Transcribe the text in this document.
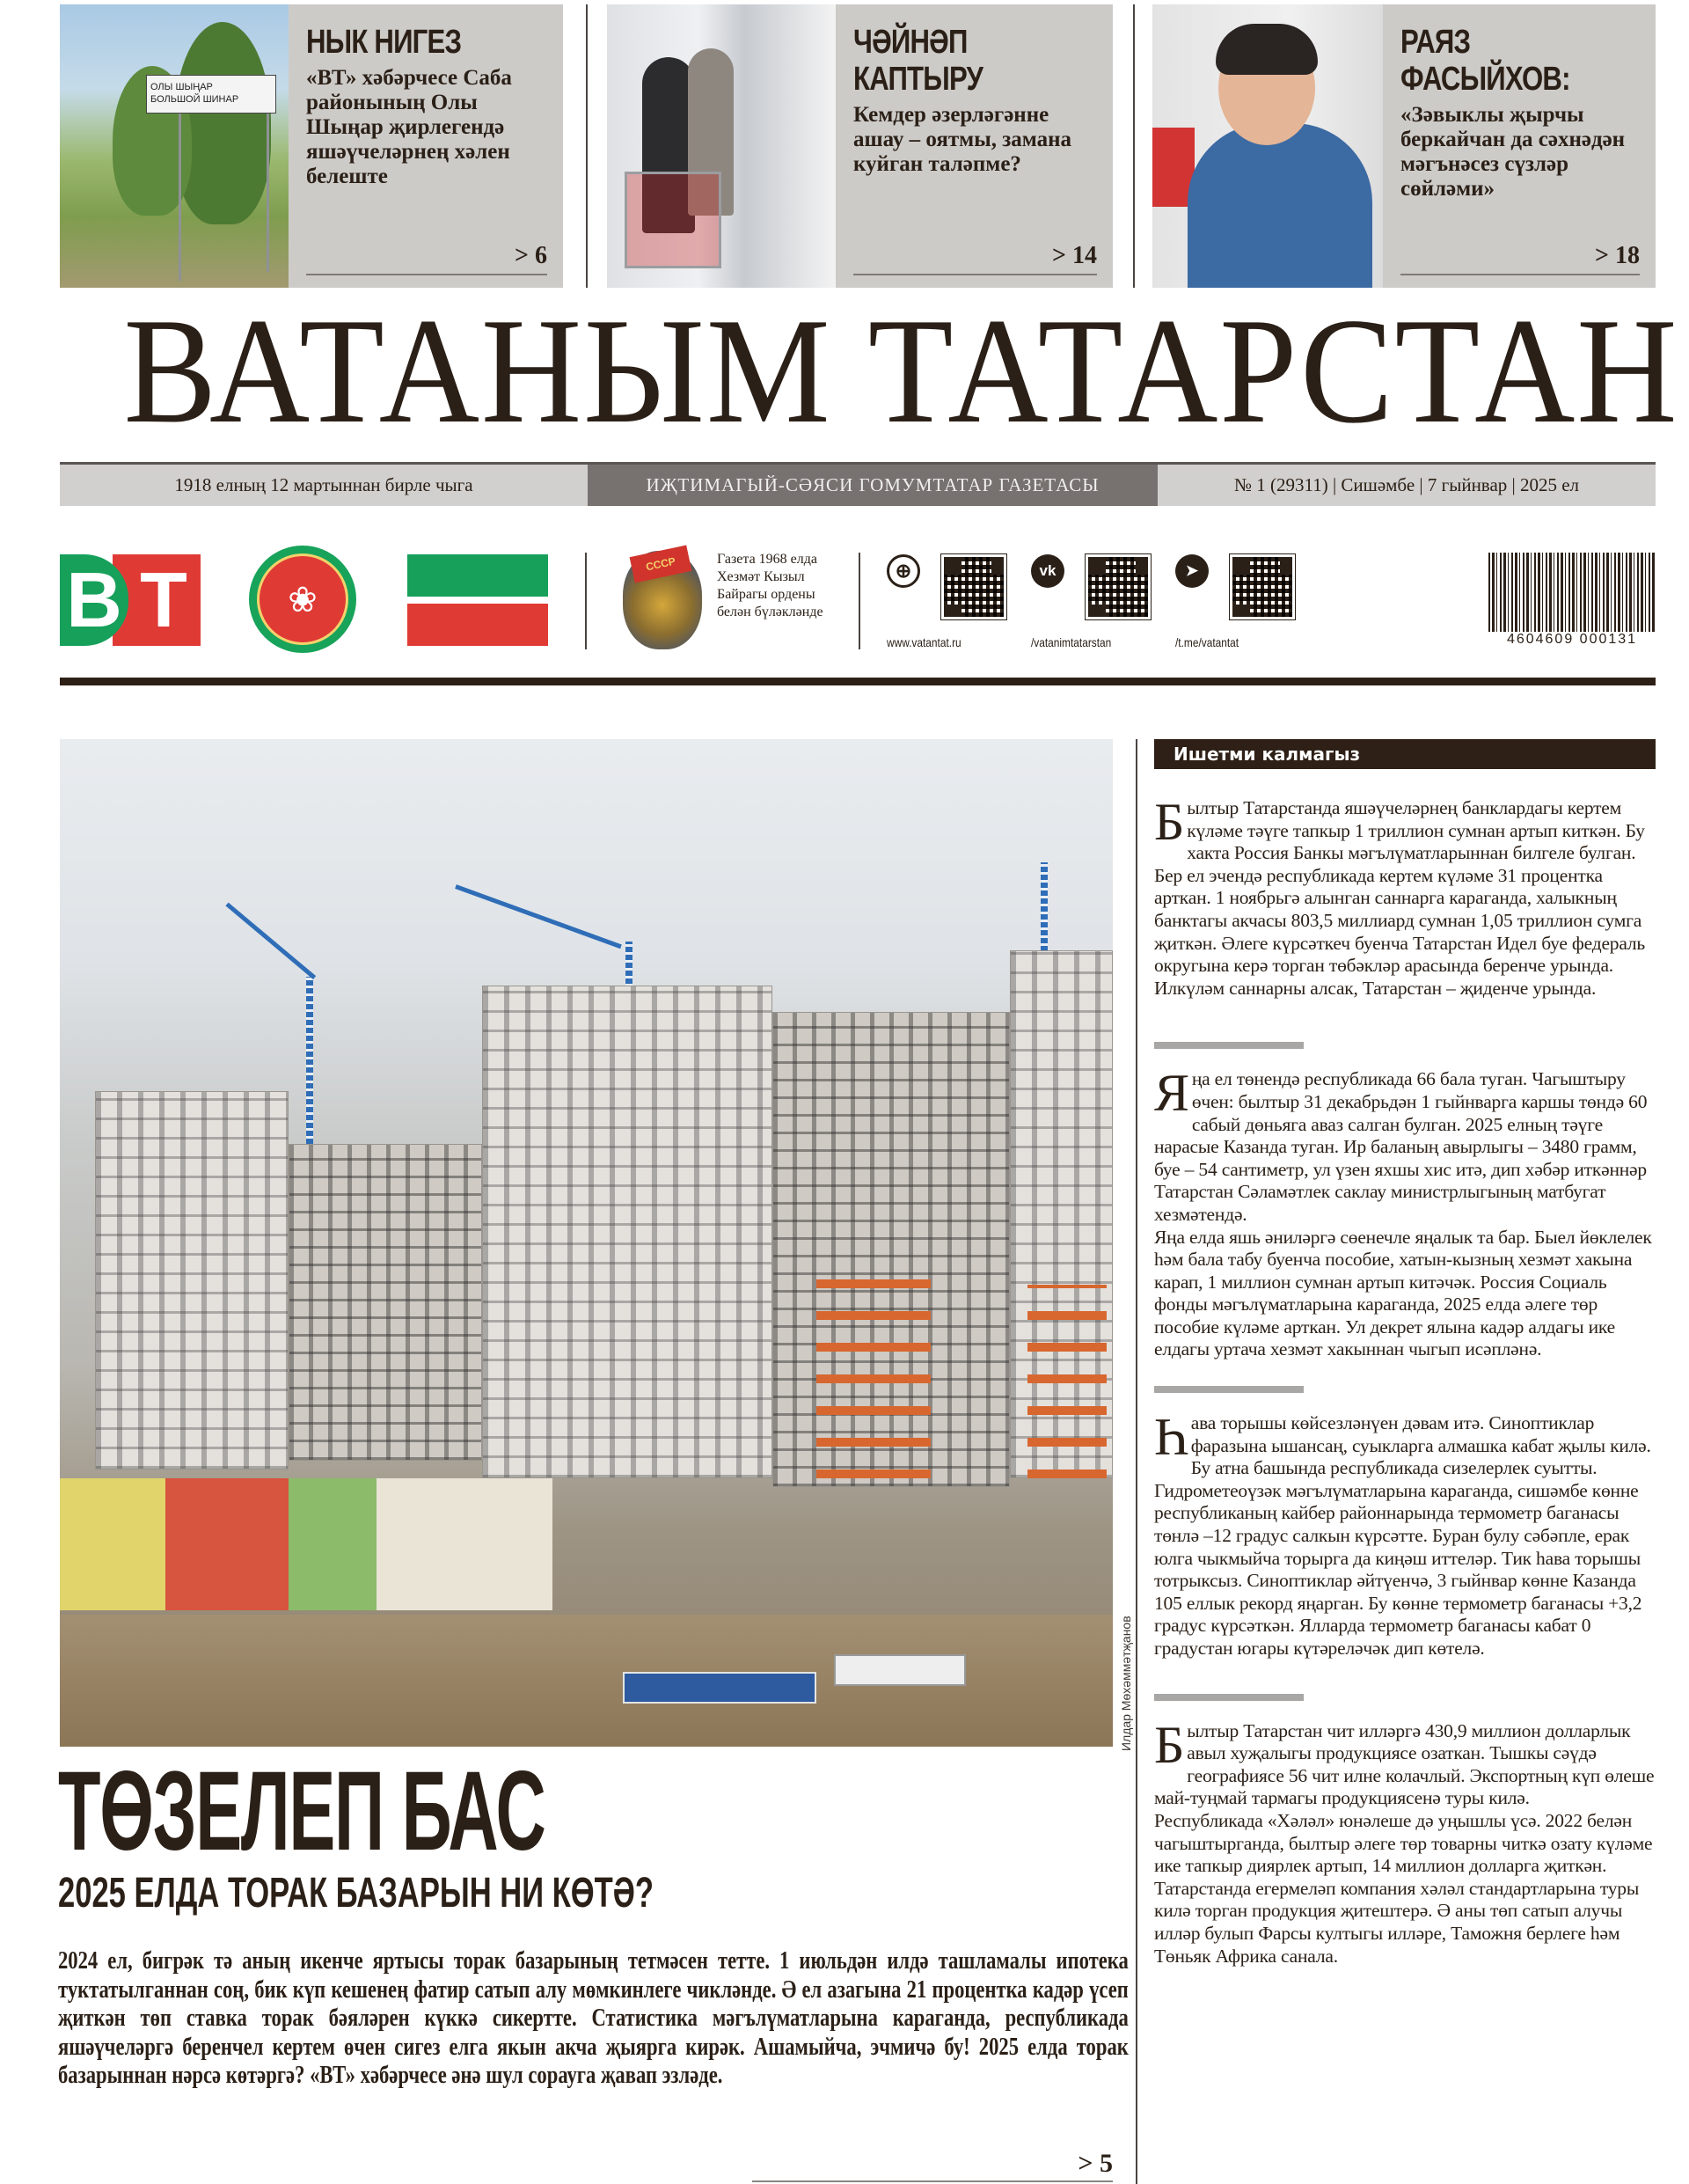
ОЛЫ ШЫҢАР
БОЛЬШОЙ ШИНАР
НЫК НИГЕЗ
«ВТ» хәбәрчесе Саба районының Олы Шыңар җирлегендә яшәүчеләрнең хәлен белеште
> 6
ЧӘЙНӘП
КАПТЫРУ
Кемдер әзерләгәнне ашау – оятмы, замана куйган таләпме?
> 14
РАЯЗ
ФАСЫЙХОВ:
«Зәвыклы җырчы беркайчан да сәхнәдән мәгънәсез сүзләр сөйләми»
> 18
ВАТАНЫМ ТАТАРСТАН
1918 елның 12 мартыннан бирле чыга	ИҖТИМАГЫЙ-СӘЯСИ ГОМУМТАТАР ГАЗЕТАСЫ	№ 1 (29311) | Сишәмбе | 7 гыйнвар | 2025 ел
В Т	❀
СССР	Газета 1968 елда Хезмәт Кызыл Байрагы ордены белән бүләкләнде
⊕
www.vatantat.ru
vk
/vatanimtatarstan
➤
/t.me/vatantat	4604609 000131
Илдар Мөхәммәтҗанов
ТӨЗЕЛЕП БАС
2025 ЕЛДА ТОРАК БАЗАРЫН НИ КӨТӘ?

2024 ел, бигрәк тә аның икенче яртысы торак базарының тетмәсен тетте. 1 июльдән илдә ташламалы ипотека туктатылганнан соң, бик күп кешенең фатир сатып алу мөмкинлеге чикләнде. Ә ел азагына 21 процентка кадәр үсеп җиткән төп ставка торак бәяләрен күккә сикертте. Статистика мәгълүматларына караганда, республикада яшәүчеләргә беренчел кертем өчен сигез елга якын акча җыярга кирәк. Ашамыйча, эчмичә бу! 2025 елда торак базарыннан нәрсә көтәргә? «ВТ» хәбәрчесе әнә шул сорауга җавап эзләде.

> 5
Ишетми калмагыз
Б ылтыр Татарстанда яшәүчеләрнең банклардагы кертем күләме тәүге тапкыр 1 триллион сумнан артып киткән. Бу хакта Россия Банкы мәгълүматларыннан билгеле булган.

Бер ел эчендә республикада кертем күләме 31 процентка арткан. 1 ноябрьгә алынган саннарга караганда, халыкның банктагы акчасы 803,5 миллиард сумнан 1,05 триллион сумга җиткән. Әлеге күрсәткеч буенча Татарстан Идел буе федераль округына керә торган төбәкләр арасында беренче урында. Илкүләм саннарны алсак, Татарстан – җиденче урында.

Я ңа ел төнендә республикада 66 бала туган. Чагыштыру өчен: былтыр 31 декабрьдән 1 гыйнварга каршы төндә 60 сабый дөньяга аваз салган булган. 2025 елның тәүге нарасые Казанда туган. Ир баланың авырлыгы – 3480 грамм, буе – 54 сантиметр, ул үзен яхшы хис итә, дип хәбәр иткәннәр Татарстан Сәламәтлек саклау министрлыгының матбугат хезмәтендә.

Яңа елда яшь әниләргә сөенечле яңалык та бар. Быел йөклелек һәм бала табу буенча пособие, хатын-кызның хезмәт хакына карап, 1 миллион сумнан артып китәчәк. Россия Социаль фонды мәгълүматларына караганда, 2025 елда әлеге төр пособие күләме арткан. Ул декрет ялына кадәр алдагы ике елдагы уртача хезмәт хакыннан чыгып исәпләнә.

Һ ава торышы көйсезләнүен дәвам итә. Синоптиклар фаразына ышансаң, суыкларга алмашка кабат җылы килә.

Бу атна башында республикада сизелерлек суытты. Гидрометеоүзәк мәгълүматларына караганда, сишәмбе көнне республиканың кайбер районнарында термометр баганасы төнлә –12 градус салкын күрсәтте. Буран булу сәбәпле, ерак юлга чыкмыйча торырга да киңәш иттеләр. Тик һава торышы тотрыксыз. Синоптиклар әйтүенчә, 3 гыйнвар көнне Казанда 105 еллык рекорд яңарган. Бу көнне термометр баганасы +3,2 градус күрсәткән. Ялларда термометр баганасы кабат 0 градустан югары күтәреләчәк дип көтелә.

Б ылтыр Татарстан чит илләргә 430,9 миллион долларлык авыл хуҗалыгы продукциясе озаткан. Тышкы сәүдә географиясе 56 чит илне колачлый. Экспортның күп өлеше май-туңмай тармагы продукциясенә туры килә.

Республикада «Хәләл» юнәлеше дә уңышлы үсә. 2022 белән чагыштырганда, былтыр әлеге төр товарны читкә озату күләме ике тапкыр диярлек артып, 14 миллион долларга җиткән. Татарстанда егермеләп компания хәләл стандартларына туры килә торган продукция җитештерә. Ә аны төп сатып алучы илләр булып Фарсы култыгы илләре, Таможня берлеге һәм Төньяк Африка санала.
